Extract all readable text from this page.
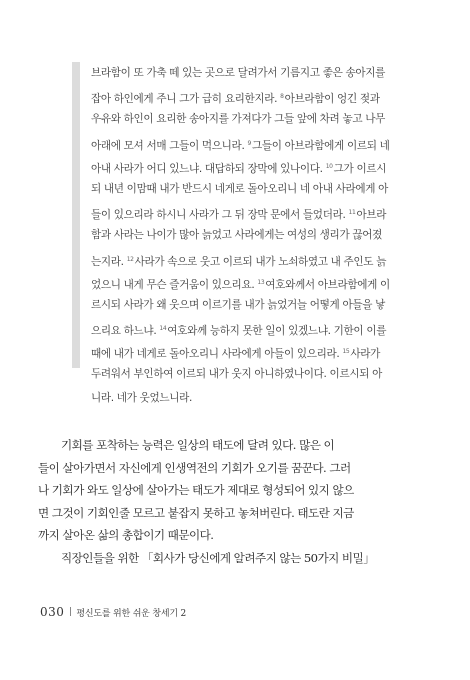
브라함이 또 가축 떼 있는 곳으로 달려가서 기름지고 좋은 송아지를
잡아 하인에게 주니 그가 급히 요리한지라. $^8$아브라함이 엉긴 젖과
우유와 하인이 요리한 송아지를 가져다가 그들 앞에 차려 놓고 나무
아래에 모셔 서매 그들이 먹으니라. $^9$그들이 아브라함에게 이르되 네
아내 사라가 어디 있느냐. 대답하되 장막에 있나이다. $^{10}$그가 이르시
되 내년 이맘때 내가 반드시 네게로 돌아오리니 네 아내 사라에게 아
들이 있으리라 하시니 사라가 그 뒤 장막 문에서 들었더라. $^{11}$아브라
함과 사라는 나이가 많아 늙었고 사라에게는 여성의 생리가 끊어졌
는지라. $^{12}$사라가 속으로 웃고 이르되 내가 노쇠하였고 내 주인도 늙
었으니 내게 무슨 즐거움이 있으리요. $^{13}$여호와께서 아브라함에게 이
르시되 사라가 왜 웃으며 이르기를 내가 늙었거늘 어떻게 아들을 낳
으리요 하느냐. $^{14}$여호와께 능하지 못한 일이 있겠느냐. 기한이 이를
때에 내가 네게로 돌아오리니 사라에게 아들이 있으리라. $^{15}$사라가
두려워서 부인하여 이르되 내가 웃지 아니하였나이다. 이르시되 아
니라. 네가 웃었느니라.
기회를 포착하는 능력은 일상의 태도에 달려 있다. 많은 이
들이 살아가면서 자신에게 인생역전의 기회가 오기를 꿈꾼다. 그러
나 기회가 와도 일상에 살아가는 태도가 제대로 형성되어 있지 않으
면 그것이 기회인줄 모르고 붙잡지 못하고 놓쳐버린다. 태도란 지금
까지 살아온 삶의 총합이기 때문이다.
직장인들을 위한 「회사가 당신에게 알려주지 않는 50가지 비밀」
030 평신도를 위한 쉬운 창세기 2
